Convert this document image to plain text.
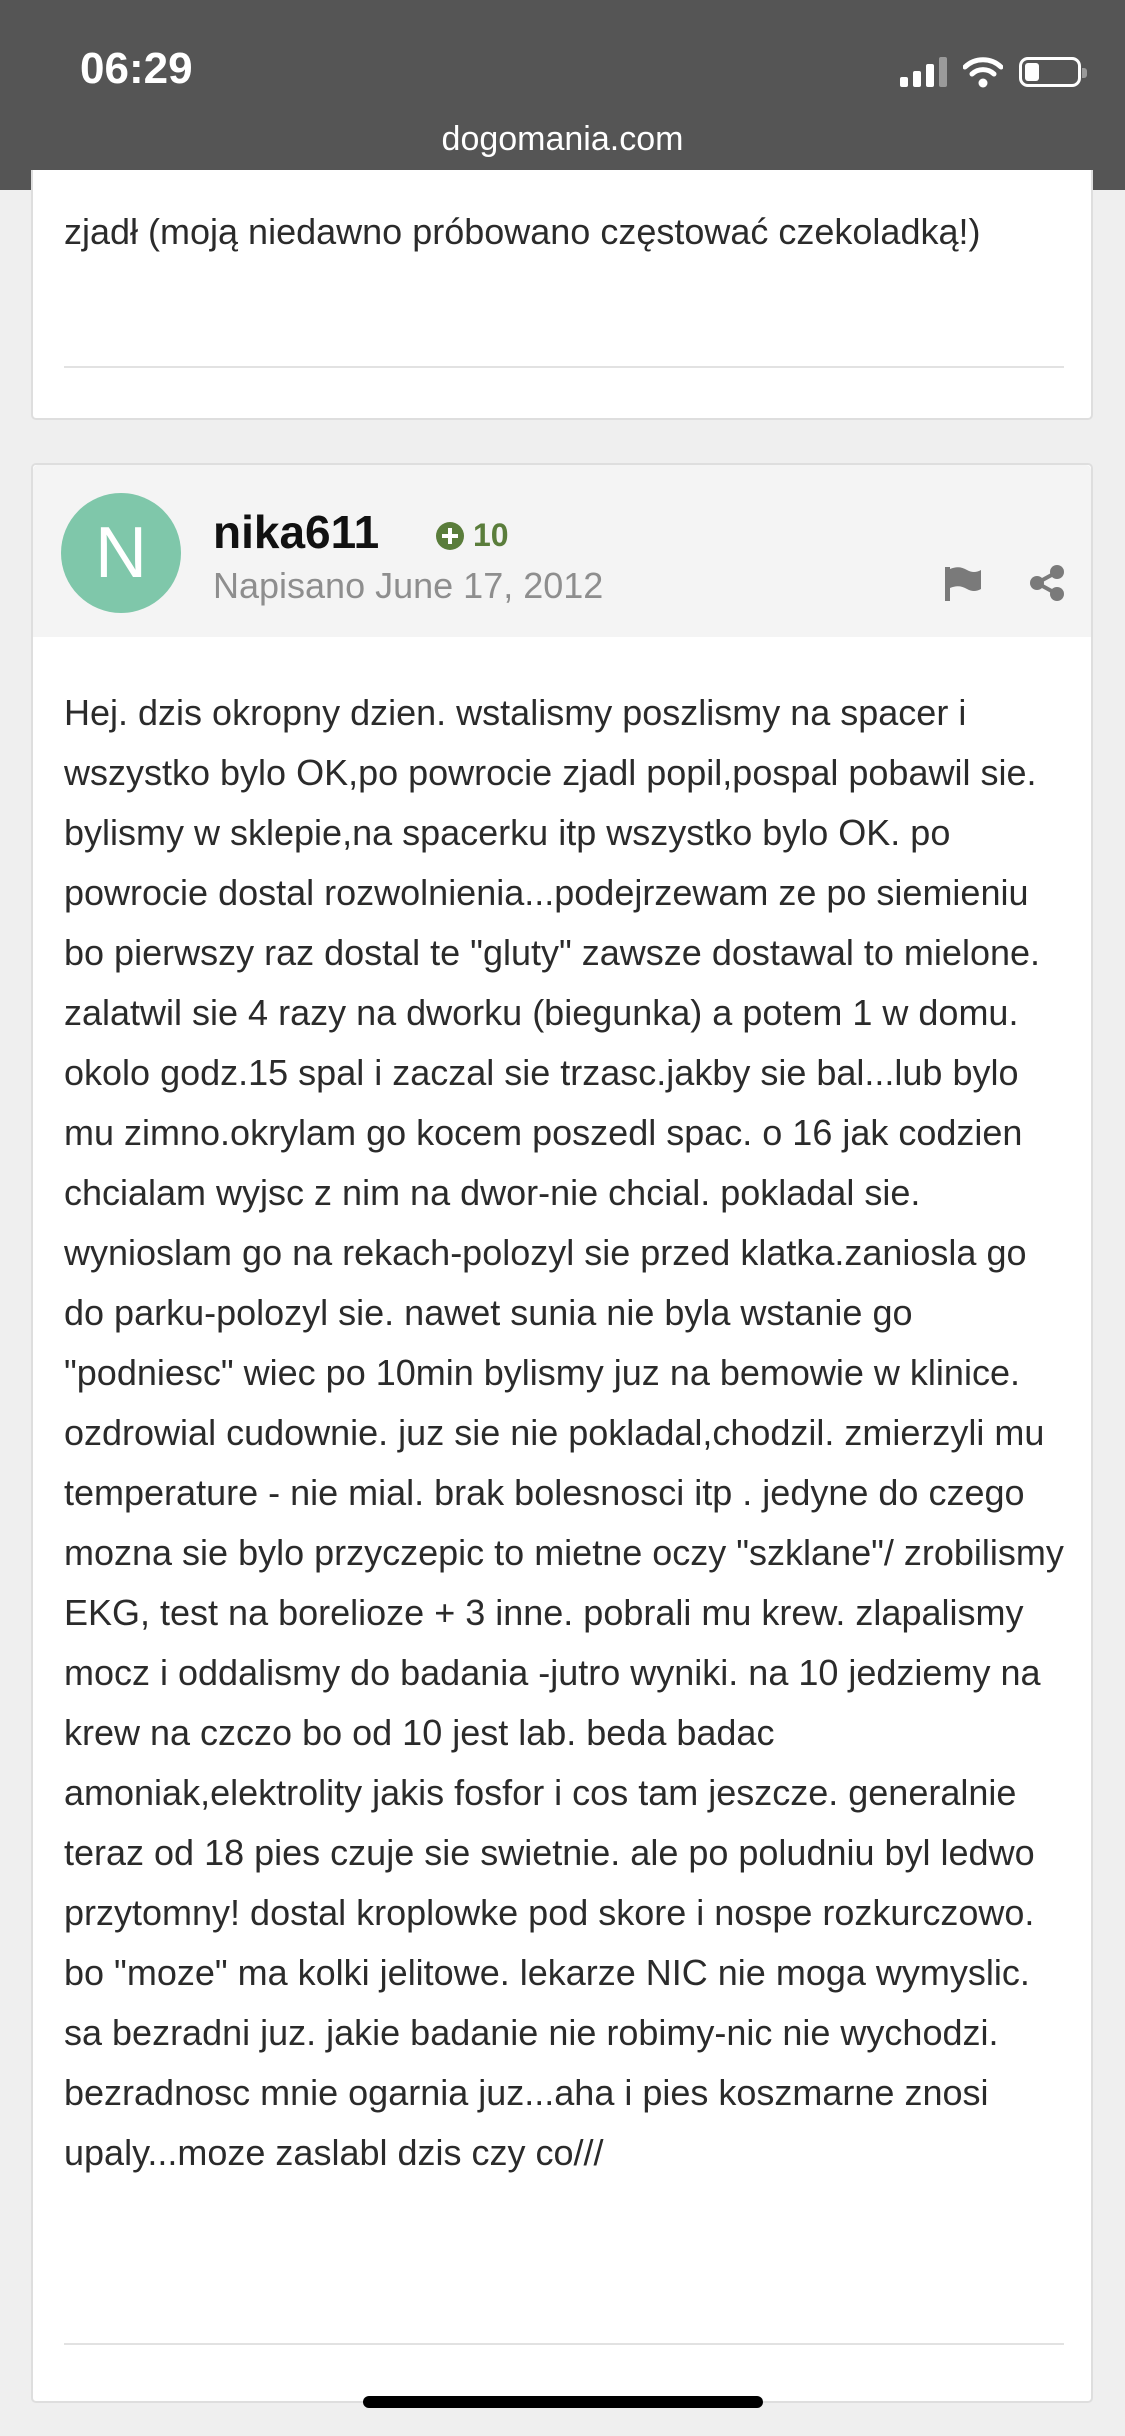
06:29
dogomania.com
zjadł (moją niedawno próbowano częstować czekoladką!)
N	nika611	10
Napisano June 17, 2012
Hej. dzis okropny dzien. wstalismy poszlismy na spacer i wszystko bylo OK,po powrocie zjadl popil,pospal pobawil sie. bylismy w sklepie,na spacerku itp wszystko bylo OK. po powrocie dostal rozwolnienia...podejrzewam ze po siemieniu bo pierwszy raz dostal te "gluty" zawsze dostawal to mielone. zalatwil sie 4 razy na dworku (biegunka) a potem 1 w domu. okolo godz.15 spal i zaczal sie trzasc.jakby sie bal...lub bylo mu zimno.okrylam go kocem poszedl spac. o 16 jak codzien chcialam wyjsc z nim na dwor-nie chcial. pokladal sie. wynioslam go na rekach-polozyl sie przed klatka.zaniosla go do parku-polozyl sie. nawet sunia nie byla wstanie go "podniesc" wiec po 10min bylismy juz na bemowie w klinice. ozdrowial cudownie. juz sie nie pokladal,chodzil. zmierzyli mu temperature - nie mial. brak bolesnosci itp . jedyne do czego mozna sie bylo przyczepic to mietne oczy "szklane"/ zrobilismy EKG, test na borelioze + 3 inne. pobrali mu krew. zlapalismy mocz i oddalismy do badania -jutro wyniki. na 10 jedziemy na krew na czczo bo od 10 jest lab. beda badac amoniak,elektrolity jakis fosfor i cos tam jeszcze. generalnie teraz od 18 pies czuje sie swietnie. ale po poludniu byl ledwo przytomny! dostal kroplowke pod skore i nospe rozkurczowo. bo "moze" ma kolki jelitowe. lekarze NIC nie moga wymyslic. sa bezradni juz. jakie badanie nie robimy-nic nie wychodzi. bezradnosc mnie ogarnia juz...aha i pies koszmarne znosi upaly...moze zaslabl dzis czy co///
